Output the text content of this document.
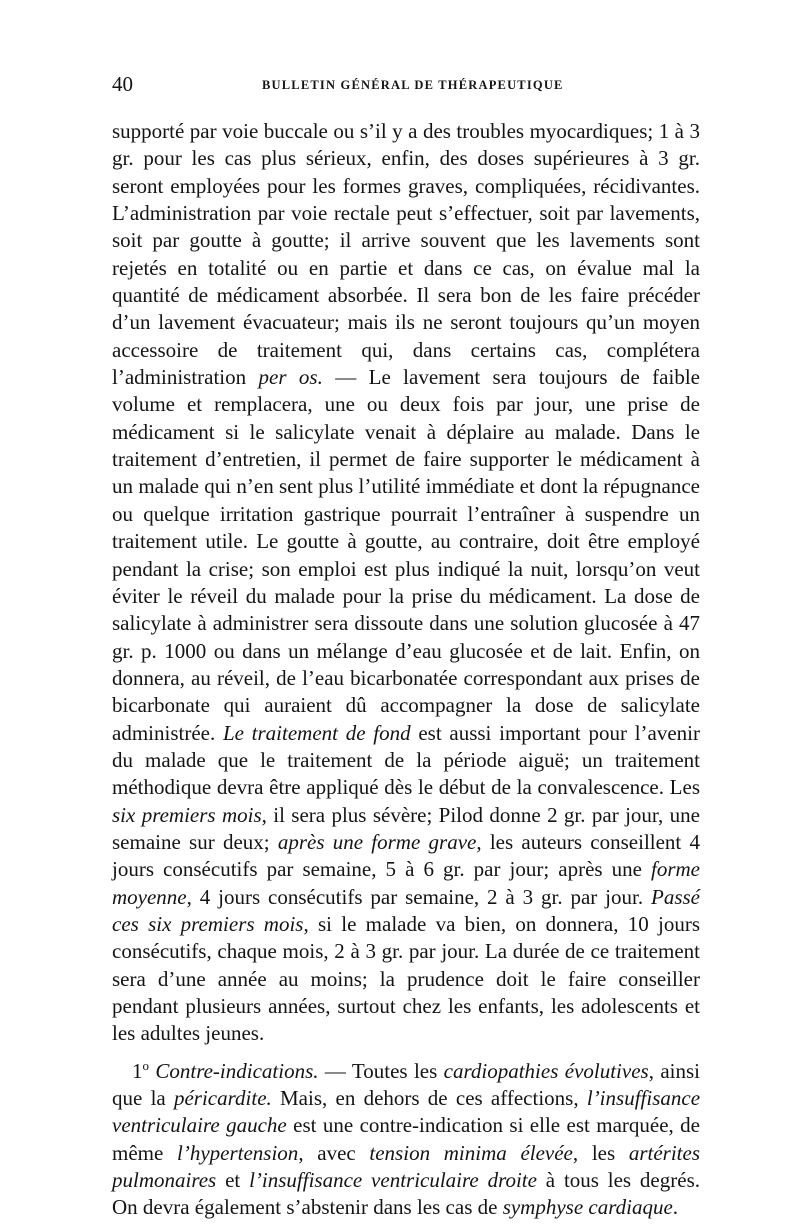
40	BULLETIN GÉNÉRAL DE THÉRAPEUTIQUE

supporté par voie buccale ou s’il y a des troubles myocardiques; 1 à 3 gr. pour les cas plus sérieux, enfin, des doses supérieures à 3 gr. seront employées pour les formes graves, compliquées, récidivantes. L’administration par voie rectale peut s’effectuer, soit par lavements, soit par goutte à goutte; il arrive souvent que les lavements sont rejetés en totalité ou en partie et dans ce cas, on évalue mal la quantité de médicament absorbée. Il sera bon de les faire précéder d’un lavement évacuateur; mais ils ne seront toujours qu’un moyen accessoire de traitement qui, dans certains cas, complétera l’administration per os. — Le lavement sera toujours de faible volume et remplacera, une ou deux fois par jour, une prise de médicament si le salicylate venait à déplaire au malade. Dans le traitement d’entretien, il permet de faire supporter le médicament à un malade qui n’en sent plus l’utilité immédiate et dont la répugnance ou quelque irritation gastrique pourrait l’entraîner à suspendre un traitement utile. Le goutte à goutte, au contraire, doit être employé pendant la crise; son emploi est plus indiqué la nuit, lorsqu’on veut éviter le réveil du malade pour la prise du médicament. La dose de salicylate à administrer sera dissoute dans une solution glucosée à 47 gr. p. 1000 ou dans un mélange d’eau glucosée et de lait. Enfin, on donnera, au réveil, de l’eau bicarbonatée correspondant aux prises de bicarbonate qui auraient dû accompagner la dose de salicylate administrée. Le traitement de fond est aussi important pour l’avenir du malade que le traitement de la période aiguë; un traitement méthodique devra être appliqué dès le début de la convalescence. Les six premiers mois, il sera plus sévère; Pilod donne 2 gr. par jour, une semaine sur deux; après une forme grave, les auteurs conseillent 4 jours consécutifs par semaine, 5 à 6 gr. par jour; après une forme moyenne, 4 jours consécutifs par semaine, 2 à 3 gr. par jour. Passé ces six premiers mois, si le malade va bien, on donnera, 10 jours consécutifs, chaque mois, 2 à 3 gr. par jour. La durée de ce traitement sera d’une année au moins; la prudence doit le faire conseiller pendant plusieurs années, surtout chez les enfants, les adolescents et les adultes jeunes.

1$^o$ Contre-indications. — Toutes les cardiopathies évolutives, ainsi que la péricardite. Mais, en dehors de ces affections, l’insuffisance ventriculaire gauche est une contre-indication si elle est marquée, de même l’hypertension, avec tension minima élevée, les artérites pulmonaires et l’insuffisance ventriculaire droite à tous les degrés. On devra également s’abstenir dans les cas de symphyse cardiaque.
